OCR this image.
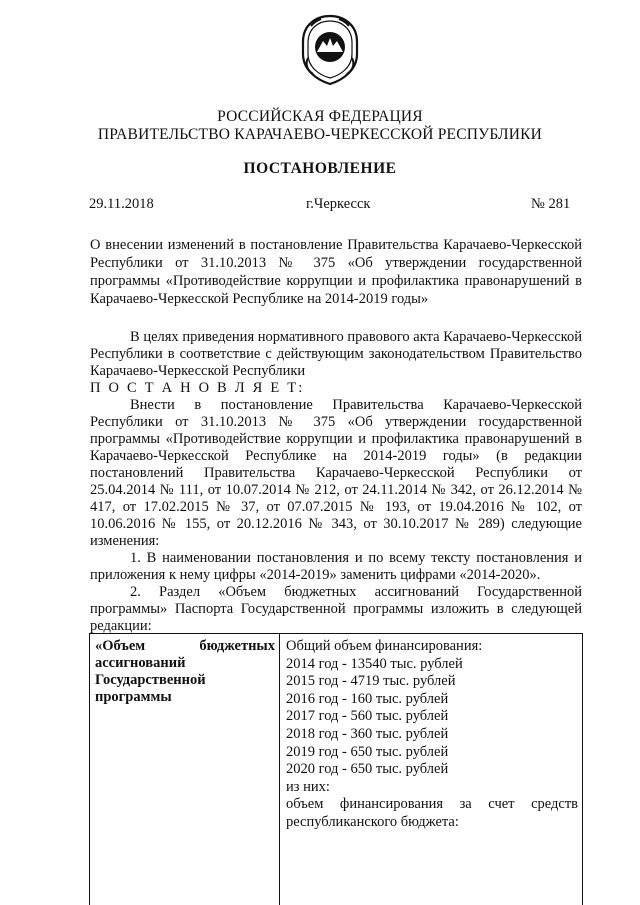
РОССИЙСКАЯ ФЕДЕРАЦИЯ
ПРАВИТЕЛЬСТВО КАРАЧАЕВО-ЧЕРКЕССКОЙ РЕСПУБЛИКИ
ПОСТАНОВЛЕНИЕ
29.11.2018	г.Черкесск	№ 281
О внесении изменений в постановление Правительства Карачаево-Черкесской Республики от 31.10.2013 № 375 «Об утверждении государственной программы «Противодействие коррупции и профилактика правонарушений в Карачаево-Черкесской Республике на 2014-2019 годы»

В целях приведения нормативного правового акта Карачаево-Черкесской Республики в соответствие с действующим законодательством Правительство Карачаево-Черкесской Республики

П О С Т А Н О В Л Я Е Т:

Внести в постановление Правительства Карачаево-Черкесской Республики от 31.10.2013 № 375 «Об утверждении государственной программы «Противодействие коррупции и профилактика правонарушений в Карачаево-Черкесской Республике на 2014-2019 годы» (в редакции постановлений Правительства Карачаево-Черкесской Республики от 25.04.2014 № 111, от 10.07.2014 № 212, от 24.11.2014 № 342, от 26.12.2014 № 417, от 17.02.2015 № 37, от 07.07.2015 № 193, от 19.04.2016 № 102, от 10.06.2016 № 155, от 20.12.2016 № 343, от 30.10.2017 № 289) следующие изменения:

1. В наименовании постановления и по всему тексту постановления и приложения к нему цифры «2014-2019» заменить цифрами «2014-2020».

2. Раздел «Объем бюджетных ассигнований Государственной программы» Паспорта Государственной программы изложить в следующей редакции:

«Объем бюджетных ассигнований Государственной программы
Общий объем финансирования:
2014 год - 13540 тыс. рублей
2015 год - 4719 тыс. рублей
2016 год - 160 тыс. рублей
2017 год - 560 тыс. рублей
2018 год - 360 тыс. рублей
2019 год - 650 тыс. рублей
2020 год - 650 тыс. рублей
из них:
объем финансирования за счет средств республиканского бюджета:
